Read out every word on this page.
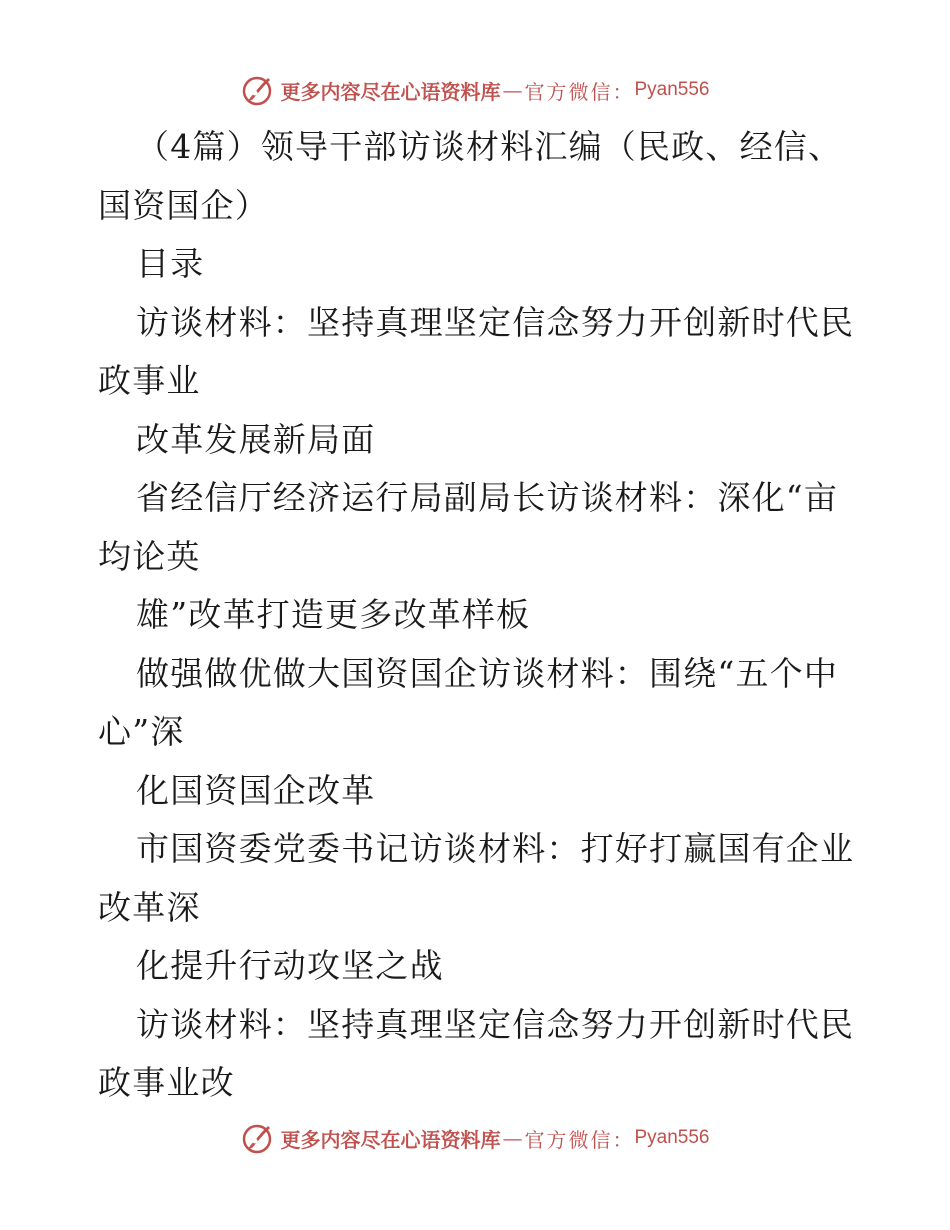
更多内容尽在心语资料库 — 官方微信： Pyan556
（4篇）领导干部访谈材料汇编（民政、经信、
国资国企）
目录
访谈材料：坚持真理坚定信念努力开创新时代民
政事业
改革发展新局面
省经信厅经济运行局副局长访谈材料：深化“亩
均论英
雄”改革打造更多改革样板
做强做优做大国资国企访谈材料：围绕“五个中
心”深
化国资国企改革
市国资委党委书记访谈材料：打好打赢国有企业
改革深
化提升行动攻坚之战
访谈材料：坚持真理坚定信念努力开创新时代民
政事业改
更多内容尽在心语资料库 — 官方微信： Pyan556
